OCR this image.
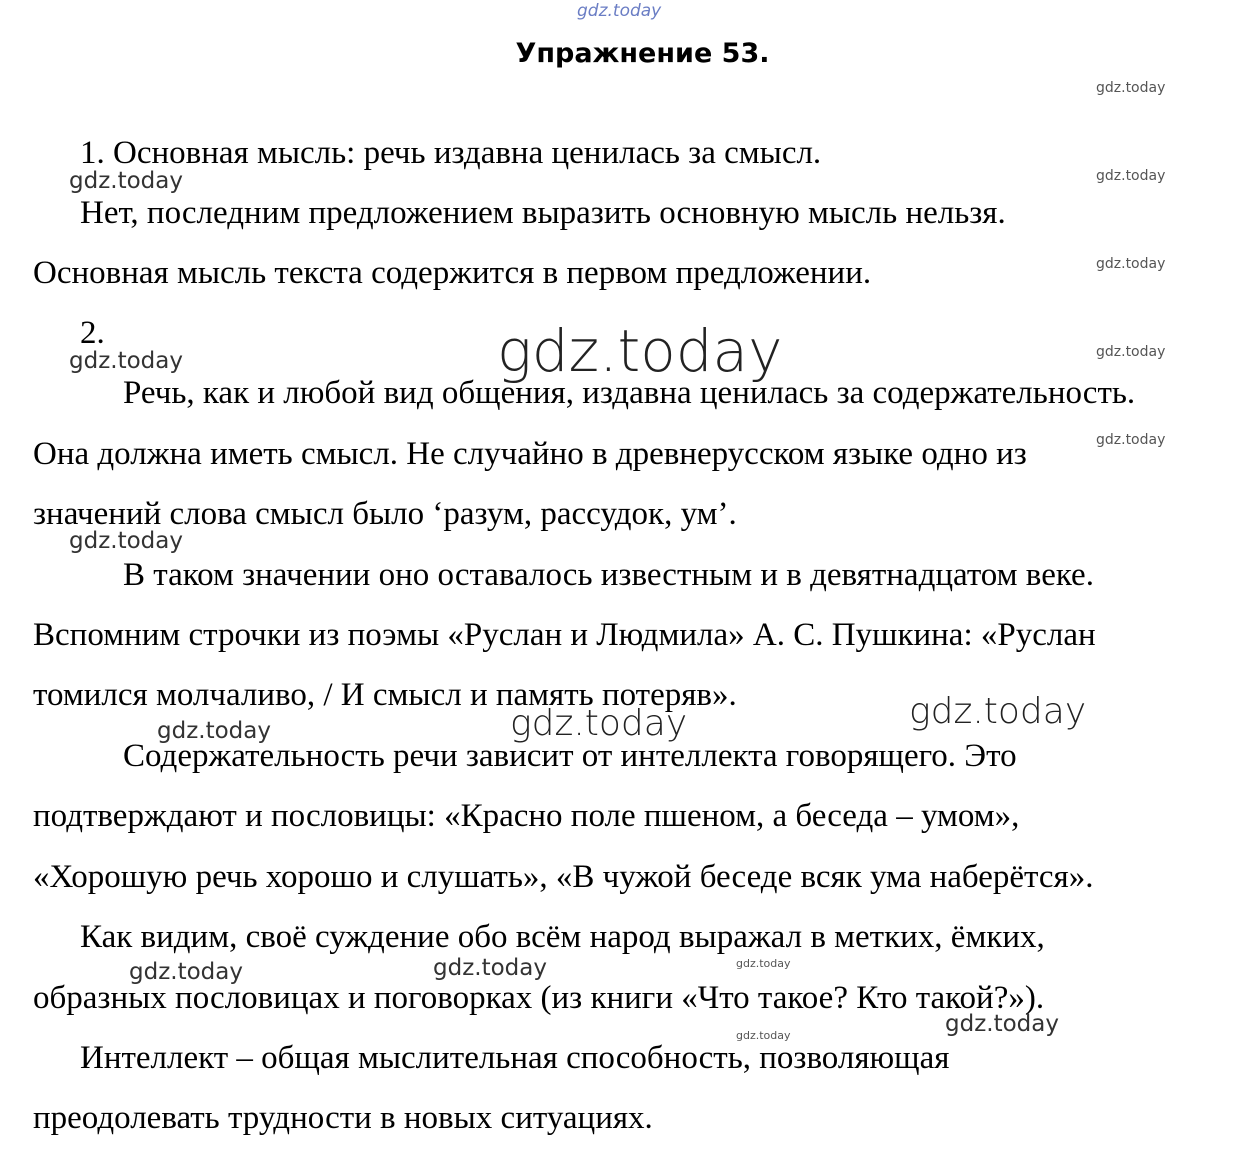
Упражнение 53.
1. Основная мысль: речь издавна ценилась за смысл.
Нет, последним предложением выразить основную мысль нельзя.
Основная мысль текста содержится в первом предложении.
2.
Речь, как и любой вид общения, издавна ценилась за содержательность.
Она должна иметь смысл. Не случайно в древнерусском языке одно из
значений слова смысл было ‘разум, рассудок, ум’.
В таком значении оно оставалось известным и в девятнадцатом веке.
Вспомним строчки из поэмы «Руслан и Людмила» А. С. Пушкина: «Руслан
томился молчаливо, / И смысл и память потеряв».
Содержательность речи зависит от интеллекта говорящего. Это
подтверждают и пословицы: «Красно поле пшеном, а беседа – умом»,
«Хорошую речь хорошо и слушать», «В чужой беседе всяк ума наберётся».
Как видим, своё суждение обо всём народ выражал в метких, ёмких,
образных пословицах и поговорках (из книги «Что такое? Кто такой?»).
Интеллект – общая мыслительная способность, позволяющая
преодолевать трудности в новых ситуациях.
gdz.today
gdz.today
gdz.today
gdz.today
gdz.today
gdz.today
gdz.today
gdz.today
gdz.today
gdz.today
gdz.today	gdz.today	gdz.today
gdz.today	gdz.today
gdz.today
gdz.today
gdz.today
